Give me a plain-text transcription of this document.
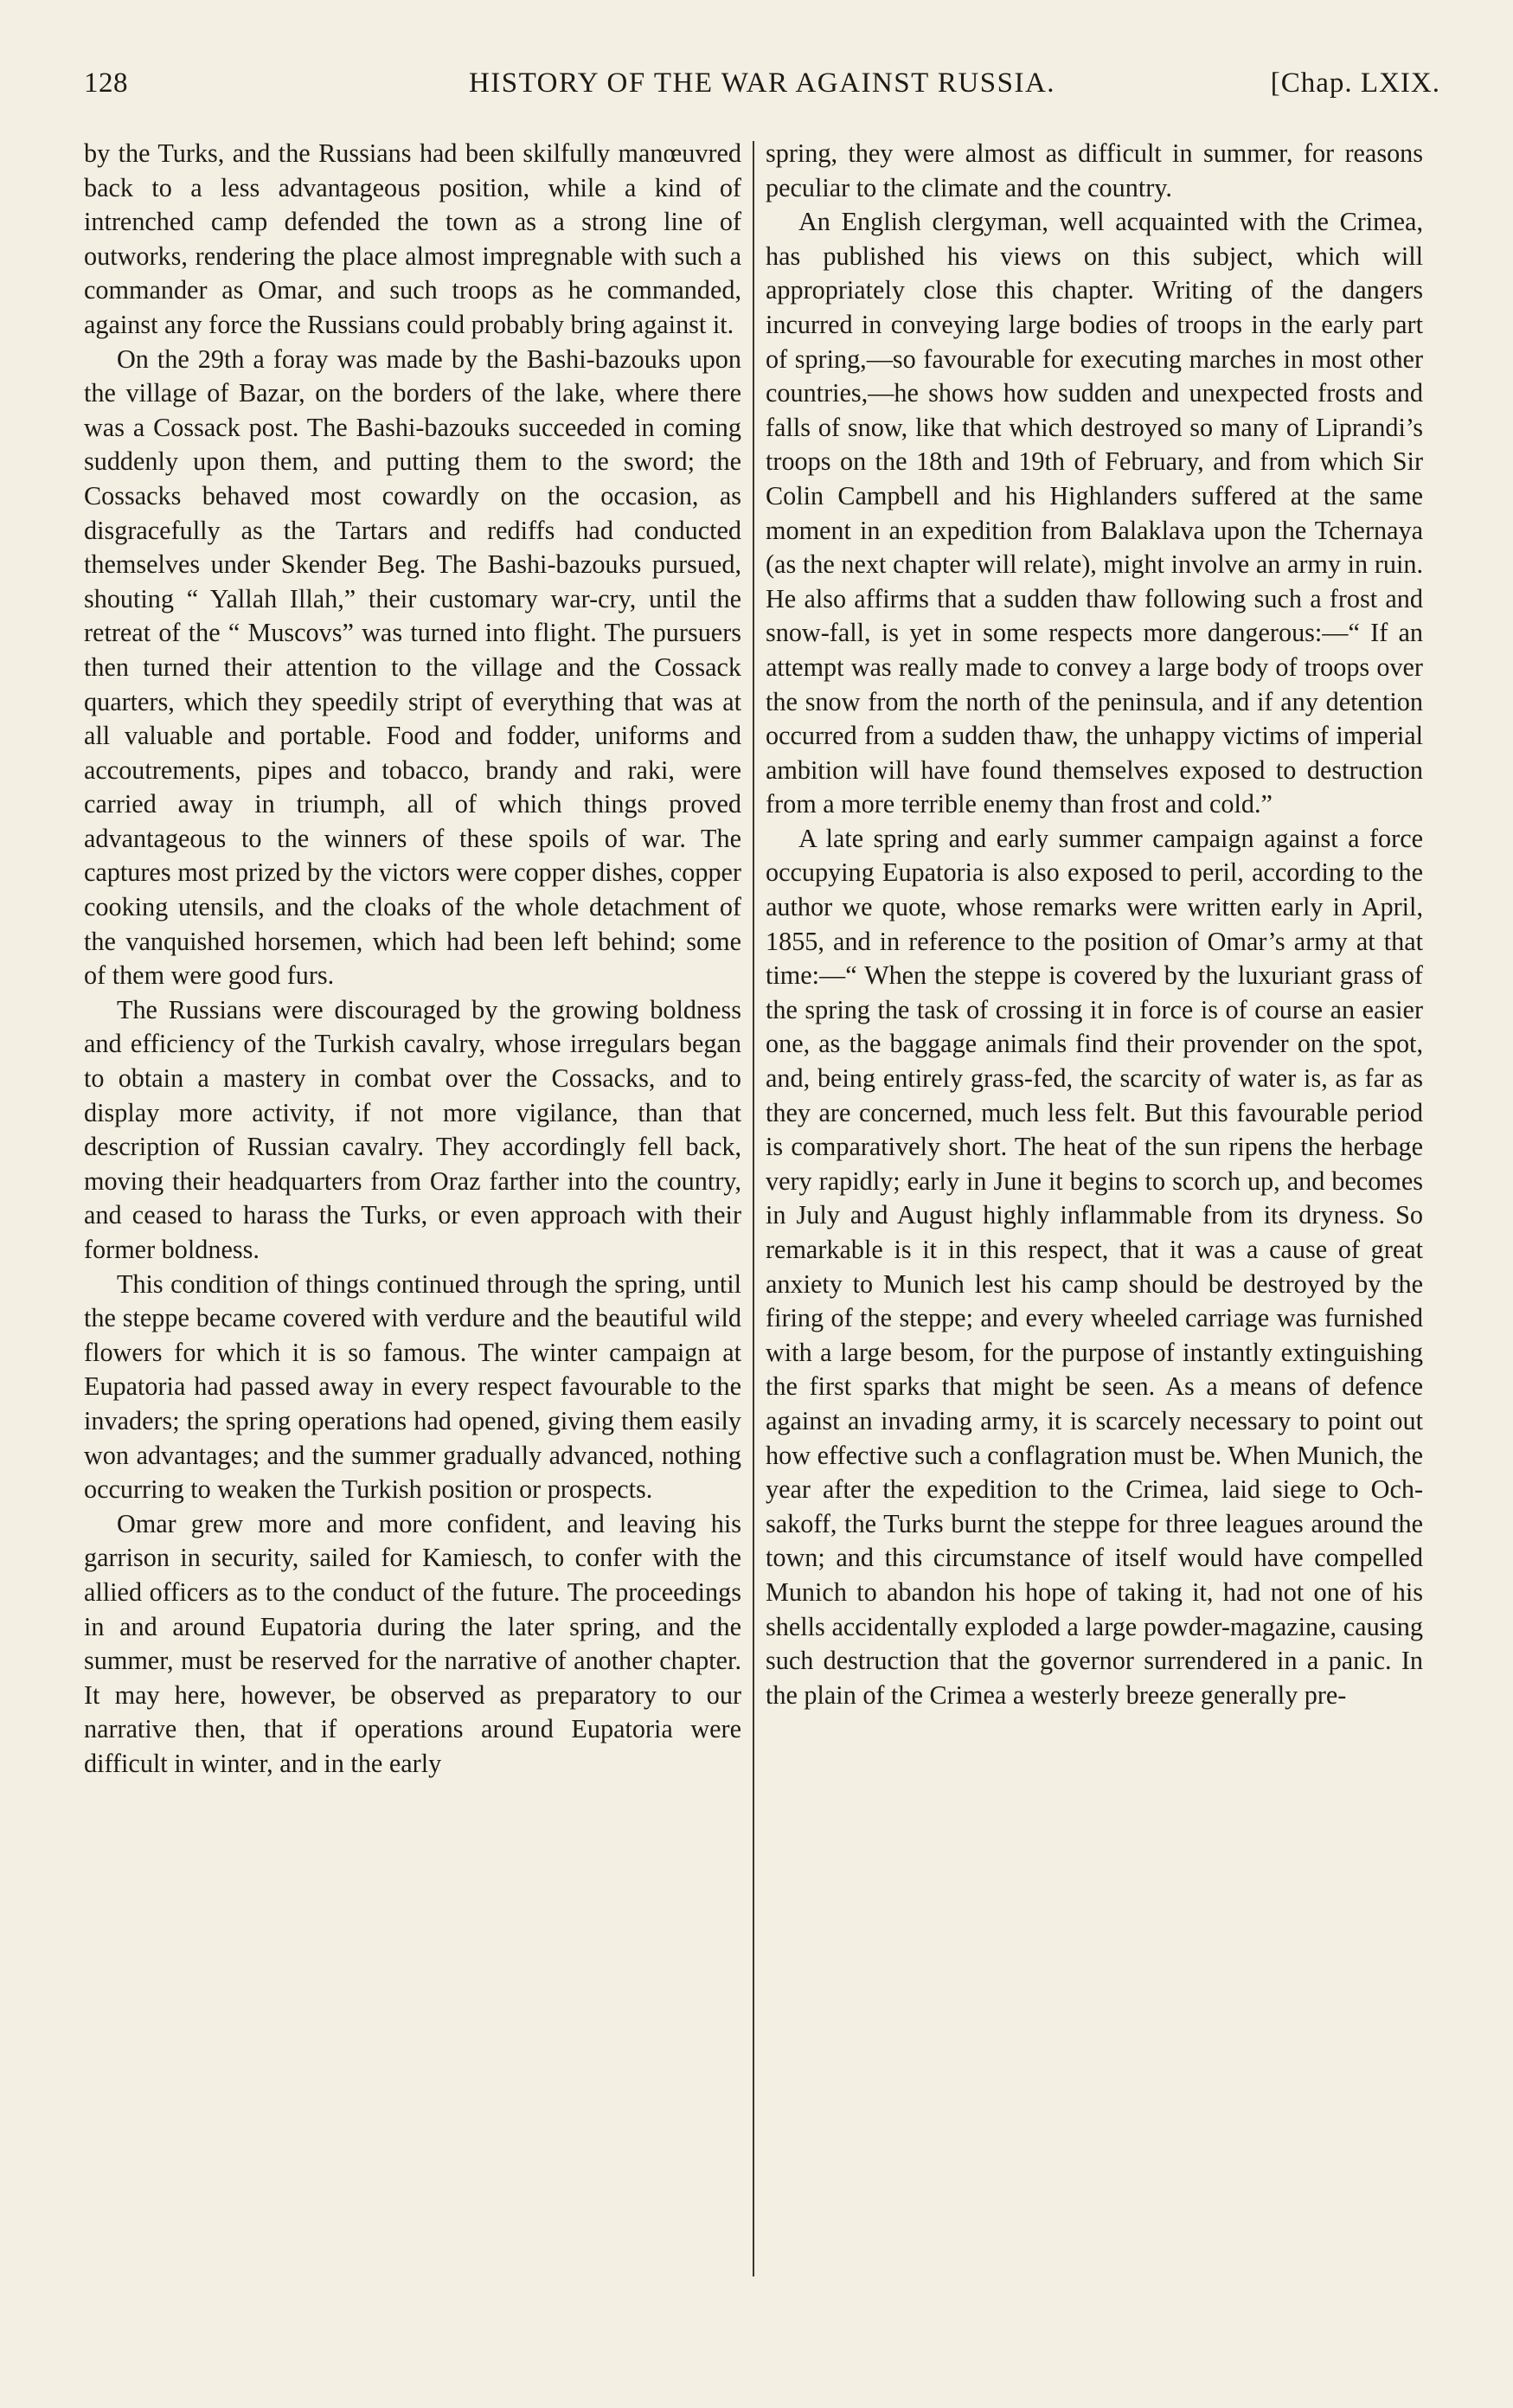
128	HISTORY OF THE WAR AGAINST RUSSIA.	[Chap. LXIX.

by the Turks, and the Russians had been skilfully manœuvred back to a less advantageous position, while a kind of intrenched camp defended the town as a strong line of outworks, rendering the place almost impregnable with such a commander as Omar, and such troops as he commanded, against any force the Russians could probably bring against it.

On the 29th a foray was made by the Bashi-bazouks upon the village of Bazar, on the borders of the lake, where there was a Cossack post. The Bashi-bazouks succeeded in coming suddenly upon them, and putting them to the sword; the Cossacks behaved most cowardly on the occasion, as disgracefully as the Tartars and rediffs had conducted themselves under Skender Beg. The Bashi-bazouks pursued, shouting “ Yallah Illah,” their customary war-cry, until the retreat of the “ Muscovs” was turned into flight. The pursuers then turned their attention to the village and the Cossack quarters, which they speedily stript of everything that was at all valuable and portable. Food and fodder, uniforms and accoutrements, pipes and tobacco, brandy and raki, were carried away in triumph, all of which things proved advantageous to the winners of these spoils of war. The captures most prized by the victors were copper dishes, copper cooking utensils, and the cloaks of the whole detachment of the vanquished horsemen, which had been left behind; some of them were good furs.

The Russians were discouraged by the growing boldness and efficiency of the Turkish cavalry, whose irregulars began to obtain a mastery in combat over the Cossacks, and to display more activity, if not more vigilance, than that description of Russian cavalry. They accordingly fell back, moving their headquarters from Oraz farther into the country, and ceased to harass the Turks, or even approach with their former boldness.

This condition of things continued through the spring, until the steppe became covered with verdure and the beautiful wild flowers for which it is so famous. The winter campaign at Eupatoria had passed away in every respect favourable to the invaders; the spring operations had opened, giving them easily won advantages; and the summer gradually advanced, nothing occurring to weaken the Turkish position or prospects.

Omar grew more and more confident, and leaving his garrison in security, sailed for Kamiesch, to confer with the allied officers as to the conduct of the future. The proceedings in and around Eupatoria during the later spring, and the summer, must be reserved for the narrative of another chapter. It may here, however, be observed as preparatory to our narrative then, that if operations around Eupatoria were difficult in winter, and in the early

spring, they were almost as difficult in summer, for reasons peculiar to the climate and the country.

An English clergyman, well acquainted with the Crimea, has published his views on this subject, which will appropriately close this chapter. Writing of the dangers incurred in conveying large bodies of troops in the early part of spring,—so favourable for executing marches in most other countries,—he shows how sudden and unexpected frosts and falls of snow, like that which destroyed so many of Liprandi’s troops on the 18th and 19th of February, and from which Sir Colin Campbell and his Highlanders suffered at the same moment in an expedition from Balaklava upon the Tchernaya (as the next chapter will relate), might involve an army in ruin. He also affirms that a sudden thaw following such a frost and snow-fall, is yet in some respects more dangerous:—“ If an attempt was really made to convey a large body of troops over the snow from the north of the peninsula, and if any detention occurred from a sudden thaw, the unhappy victims of imperial ambition will have found themselves exposed to destruction from a more terrible enemy than frost and cold.”

A late spring and early summer campaign against a force occupying Eupatoria is also exposed to peril, according to the author we quote, whose remarks were written early in April, 1855, and in reference to the position of Omar’s army at that time:—“ When the steppe is covered by the luxuriant grass of the spring the task of crossing it in force is of course an easier one, as the baggage animals find their provender on the spot, and, being entirely grass-fed, the scarcity of water is, as far as they are concerned, much less felt. But this favourable period is comparatively short. The heat of the sun ripens the herbage very rapidly; early in June it begins to scorch up, and becomes in July and August highly inflammable from its dryness. So remarkable is it in this respect, that it was a cause of great anxiety to Munich lest his camp should be destroyed by the firing of the steppe; and every wheeled carriage was furnished with a large besom, for the purpose of instantly extinguishing the first sparks that might be seen. As a means of defence against an invading army, it is scarcely necessary to point out how effective such a conflagration must be. When Munich, the year after the expedition to the Crimea, laid siege to Och-sakoff, the Turks burnt the steppe for three leagues around the town; and this circumstance of itself would have compelled Munich to abandon his hope of taking it, had not one of his shells accidentally exploded a large powder-magazine, causing such destruction that the governor surrendered in a panic. In the plain of the Crimea a westerly breeze generally pre-
